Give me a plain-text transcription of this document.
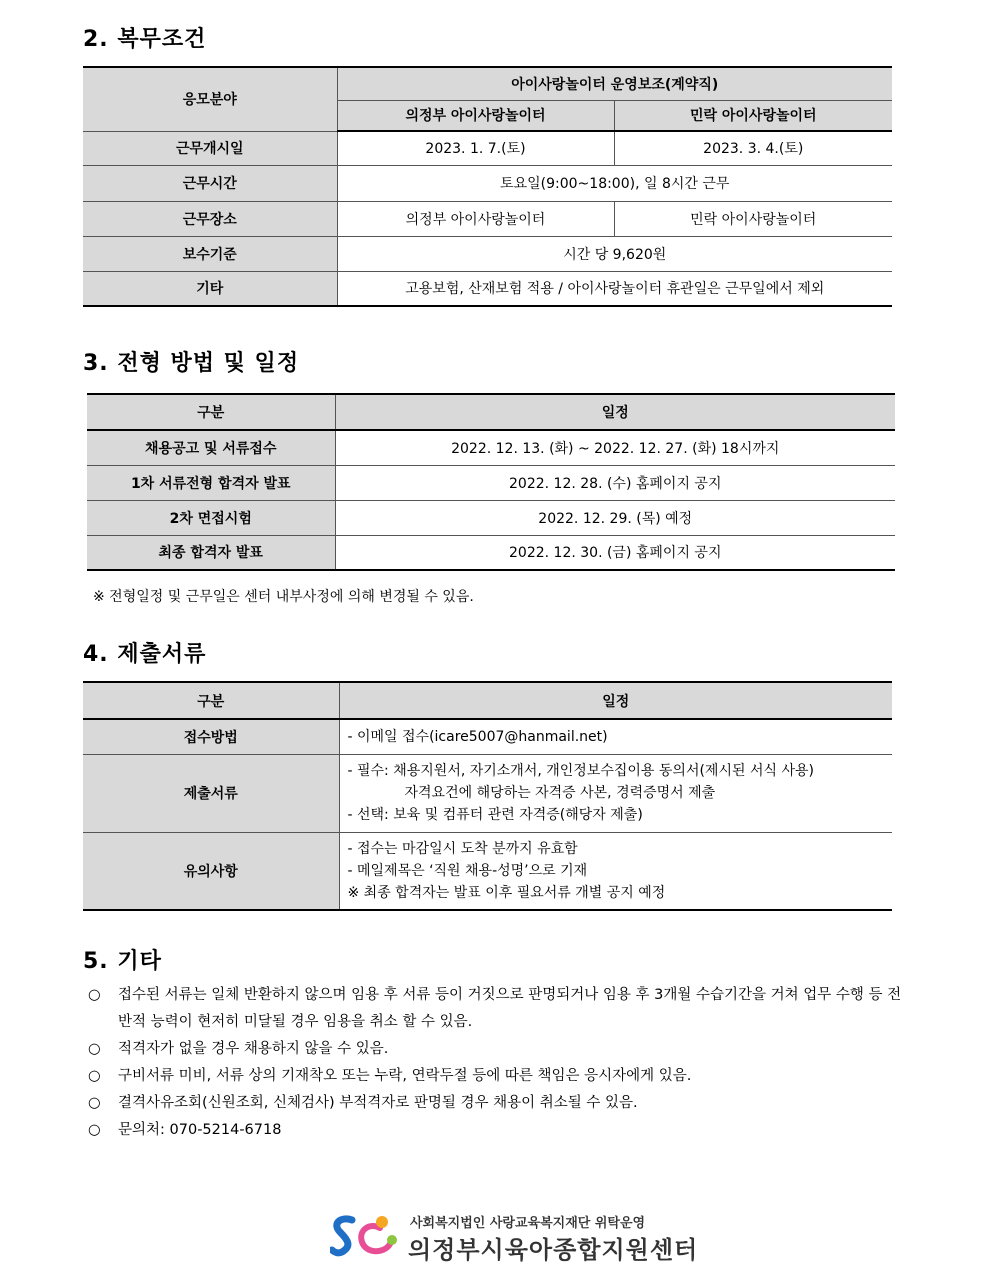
2. 복무조건
응모분야	아이사랑놀이터 운영보조(계약직)	
	의정부 아이사랑놀이터	민락 아이사랑놀이터
근무개시일	2023. 1. 7.(토)	2023. 3. 4.(토)
근무시간	토요일(9:00~18:00), 일 8시간 근무	
근무장소	의정부 아이사랑놀이터	민락 아이사랑놀이터
보수기준	시간 당 9,620원	
기타	고용보험, 산재보험 적용 / 아이사랑놀이터 휴관일은 근무일에서 제외	
3. 전형 방법 및 일정
구분	일정
채용공고 및 서류접수	2022. 12. 13. (화) ~ 2022. 12. 27. (화) 18시까지
1차 서류전형 합격자 발표	2022. 12. 28. (수) 홈페이지 공지
2차 면접시험	2022. 12. 29. (목) 예정
최종 합격자 발표	2022. 12. 30. (금) 홈페이지 공지
※ 전형일정 및 근무일은 센터 내부사정에 의해 변경될 수 있음.
4. 제출서류
구분	일정
접수방법	- 이메일 접수(icare5007@hanmail.net)
제출서류	- 필수: 채용지원서, 자기소개서, 개인정보수집이용 동의서(제시된 서식 사용)
자격요건에 해당하는 자격증 사본, 경력증명서 제출
- 선택: 보육 및 컴퓨터 관련 자격증(해당자 제출)

유의사항	- 접수는 마감일시 도착 분까지 유효함
- 메일제목은 ‘직원 채용-성명’으로 기재
※ 최종 합격자는 발표 이후 필요서류 개별 공지 예정
5. 기타
○	접수된 서류는 일체 반환하지 않으며 임용 후 서류 등이 거짓으로 판명되거나 임용 후 3개월 수습기간을 거쳐 업무 수행 등 전반적 능력이 현저히 미달될 경우 임용을 취소 할 수 있음.
○	적격자가 없을 경우 채용하지 않을 수 있음.
○	구비서류 미비, 서류 상의 기재착오 또는 누락, 연락두절 등에 따른 책임은 응시자에게 있음.
○	결격사유조회(신원조회, 신체검사) 부적격자로 판명될 경우 채용이 취소될 수 있음.
○	문의처: 070-5214-6718
사회복지법인 사랑교육복지재단 위탁운영
의정부시육아종합지원센터
